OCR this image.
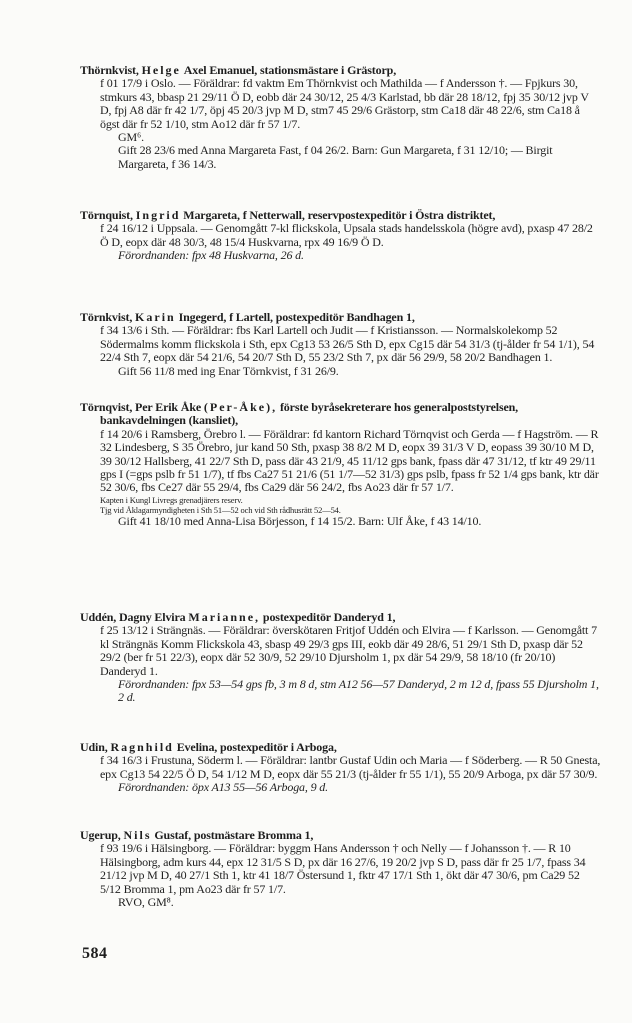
Thörnkvist, Helge Axel Emanuel, stationsmästare i Grästorp,

f 01 17/9 i Oslo. — Föräldrar: fd vaktm Em Thörnkvist och Mathilda — f Andersson †. — Fpjkurs 30, stmkurs 43, bbasp 21 29/11 Ö D, eobb där 24 30/12, 25 4/3 Karlstad, bb där 28 18/12, fpj 35 30/12 jvp V D, fpj A8 där fr 42 1/7, öpj 45 20/3 jvp M D, stm7 45 29/6 Grästorp, stm Ca18 där 48 22/6, stm Ca18 å ögst där fr 52 1/10, stm Ao12 där fr 57 1/7.

GM⁶.

Gift 28 23/6 med Anna Margareta Fast, f 04 26/2. Barn: Gun Margareta, f 31 12/10; — Birgit Margareta, f 36 14/3.

Törnquist, Ingrid Margareta, f Netterwall, reservpostexpeditör i Östra distriktet,

f 24 16/12 i Uppsala. — Genomgått 7-kl flickskola, Upsala stads handelsskola (högre avd), pxasp 47 28/2 Ö D, eopx där 48 30/3, 48 15/4 Huskvarna, rpx 49 16/9 Ö D.

Förordnanden: fpx 48 Huskvarna, 26 d.

Törnkvist, Karin Ingegerd, f Lartell, postexpeditör Bandhagen 1,

f 34 13/6 i Sth. — Föräldrar: fbs Karl Lartell och Judit — f Kristiansson. — Normalskolekomp 52 Södermalms komm flickskola i Sth, epx Cg13 53 26/5 Sth D, epx Cg15 där 54 31/3 (tj-ålder fr 54 1/1), 54 22/4 Sth 7, eopx där 54 21/6, 54 20/7 Sth D, 55 23/2 Sth 7, px där 56 29/9, 58 20/2 Bandhagen 1.

Gift 56 11/8 med ing Enar Törnkvist, f 31 26/9.

Törnqvist, Per Erik Åke (Per-Åke), förste byråsekreterare hos generalpoststyrelsen, bankavdelningen (kansliet),

f 14 20/6 i Ramsberg, Örebro l. — Föräldrar: fd kantorn Richard Törnqvist och Gerda — f Hagström. — R 32 Lindesberg, S 35 Örebro, jur kand 50 Sth, pxasp 38 8/2 M D, eopx 39 31/3 V D, eopass 39 30/10 M D, 39 30/12 Hallsberg, 41 22/7 Sth D, pass där 43 21/9, 45 11/12 gps bank, fpass där 47 31/12, tf ktr 49 29/11 gps I (=gps pslb fr 51 1/7), tf fbs Ca27 51 21/6 (51 1/7—52 31/3) gps pslb, fpass fr 52 1/4 gps bank, ktr där 52 30/6, fbs Ce27 där 55 29/4, fbs Ca29 där 56 24/2, fbs Ao23 där fr 57 1/7.

Kapten i Kungl Livregs grenadjärers reserv.
Tjg vid Åklagarmyndigheten i Sth 51—52 och vid Sth rådhusrätt 52—54.

Gift 41 18/10 med Anna-Lisa Börjesson, f 14 15/2. Barn: Ulf Åke, f 43 14/10.

Uddén, Dagny Elvira Marianne, postexpeditör Danderyd 1,

f 25 13/12 i Strängnäs. — Föräldrar: överskötaren Fritjof Uddén och Elvira — f Karlsson. — Genomgått 7 kl Strängnäs Komm Flickskola 43, sbasp 49 29/3 gps III, eokb där 49 28/6, 51 29/1 Sth D, pxasp där 52 29/2 (ber fr 51 22/3), eopx där 52 30/9, 52 29/10 Djursholm 1, px där 54 29/9, 58 18/10 (fr 20/10) Danderyd 1.

Förordnanden: fpx 53—54 gps fb, 3 m 8 d, stm A12 56—57 Danderyd, 2 m 12 d, fpass 55 Djursholm 1, 2 d.

Udin, Ragnhild Evelina, postexpeditör i Arboga,

f 34 16/3 i Frustuna, Söderm l. — Föräldrar: lantbr Gustaf Udin och Maria — f Söderberg. — R 50 Gnesta, epx Cg13 54 22/5 Ö D, 54 1/12 M D, eopx där 55 21/3 (tj-ålder fr 55 1/1), 55 20/9 Arboga, px där 57 30/9.

Förordnanden: öpx A13 55—56 Arboga, 9 d.

Ugerup, Nils Gustaf, postmästare Bromma 1,

f 93 19/6 i Hälsingborg. — Föräldrar: byggm Hans Andersson † och Nelly — f Johansson †. — R 10 Hälsingborg, adm kurs 44, epx 12 31/5 S D, px där 16 27/6, 19 20/2 jvp S D, pass där fr 25 1/7, fpass 34 21/12 jvp M D, 40 27/1 Sth 1, ktr 41 18/7 Östersund 1, fktr 47 17/1 Sth 1, ökt där 47 30/6, pm Ca29 52 5/12 Bromma 1, pm Ao23 där fr 57 1/7.

RVO, GM⁸.

584
